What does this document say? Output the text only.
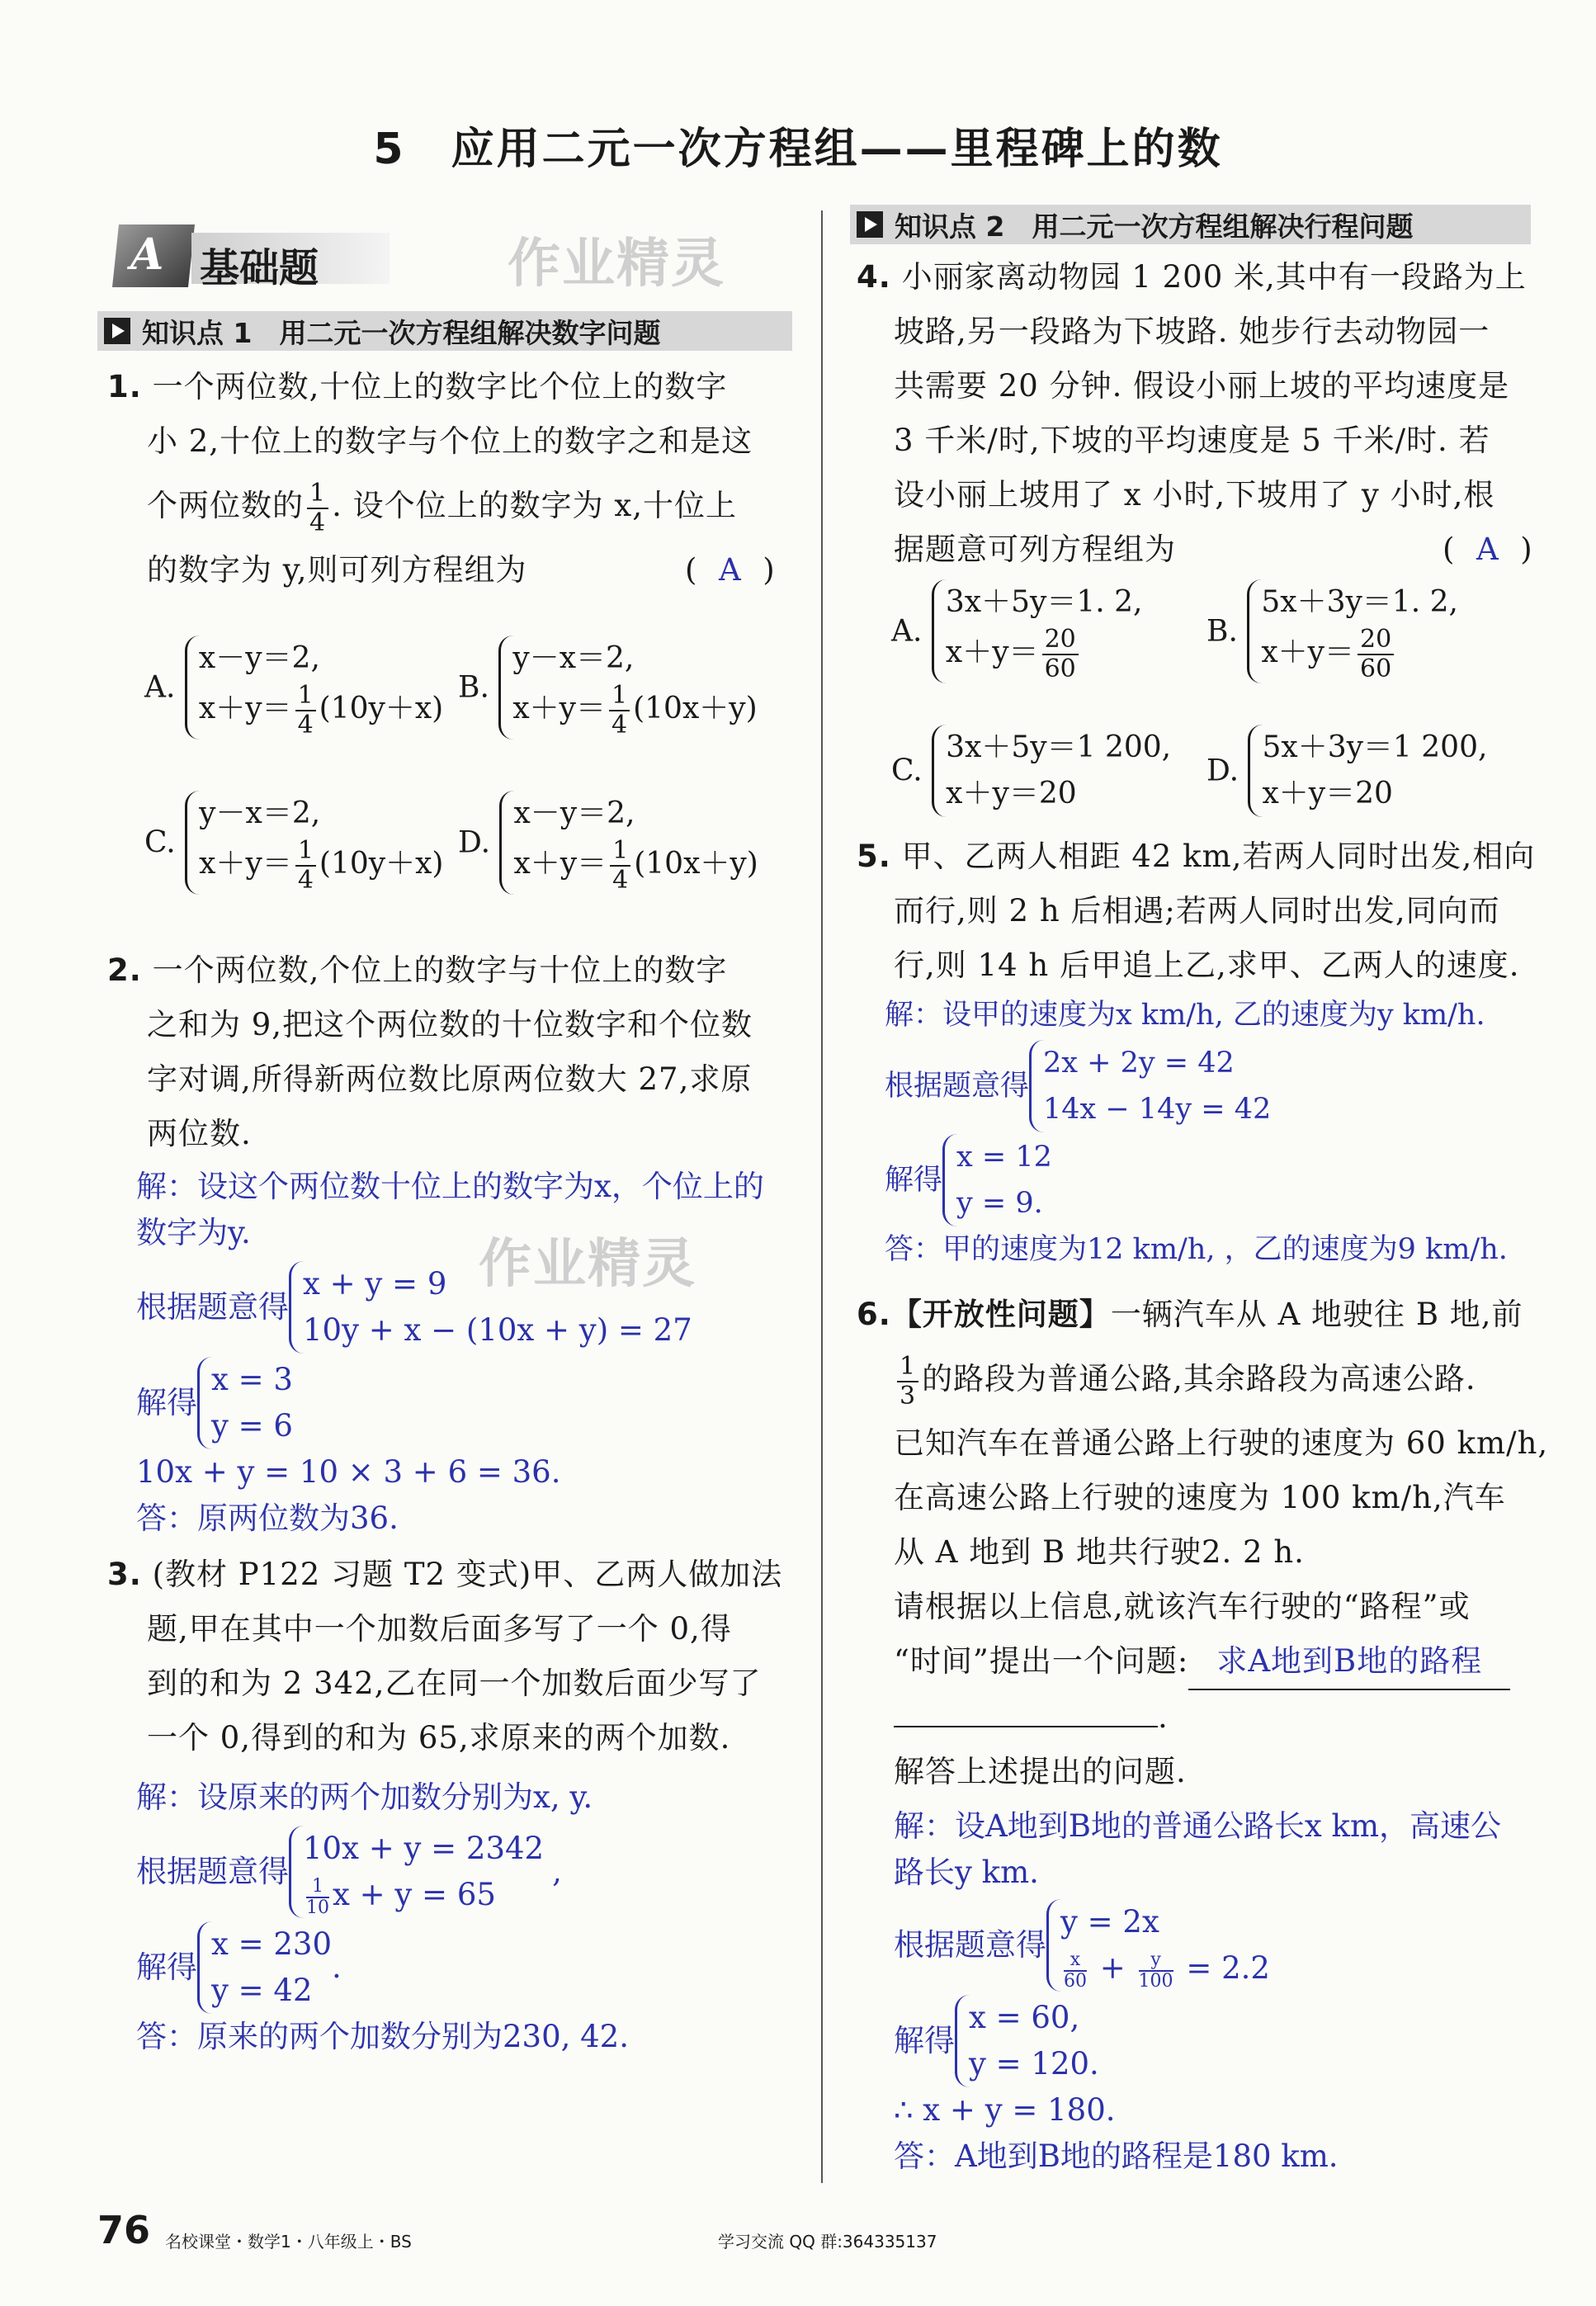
5　应用二元一次方程组——里程碑上的数
A 基础题	作业精灵
知识点 1　用二元一次方程组解决数字问题
1. 一个两位数,十位上的数字比个位上的数字
小 2,十位上的数字与个位上的数字之和是这
个两位数的 $\frac{1}{4}$ . 设个位上的数字为 x,十位上
的数字为 y,则可列方程组为	( A )
A.
x－y＝2,
$x+y= \frac{1}{4} (10y+x)$
B.
y－x＝2,
$x+y= \frac{1}{4} (10x+y)$
C.
y－x＝2,
$x+y= \frac{1}{4} (10y+x)$
D.
x－y＝2,
$x+y= \frac{1}{4} (10x+y)$
2. 一个两位数,个位上的数字与十位上的数字
之和为 9,把这个两位数的十位数字和个位数
字对调,所得新两位数比原两位数大 27,求原
两位数.
作业精灵
解：设这个两位数十位上的数字为x，个位上的
数字为y.
根据题意得
x + y = 9
10y + x − (10x + y) = 27
解得
x = 3
y = 6
10x + y = 10 × 3 + 6 = 36.
答：原两位数为36.
3. (教材 P122 习题 T2 变式)甲、乙两人做加法
题,甲在其中一个加数后面多写了一个 0,得
到的和为 2 342,乙在同一个加数后面少写了
一个 0,得到的和为 65,求原来的两个加数.
解：设原来的两个加数分别为x, y.
根据题意得
10x + y = 2342
$\frac{1}{10}$ x + y = 65
,
解得
x = 230
y = 42
.
答：原来的两个加数分别为230, 42.
知识点 2　用二元一次方程组解决行程问题
4. 小丽家离动物园 1 200 米,其中有一段路为上
坡路,另一段路为下坡路. 她步行去动物园一
共需要 20 分钟. 假设小丽上坡的平均速度是
3 千米/时,下坡的平均速度是 5 千米/时. 若
设小丽上坡用了 x 小时,下坡用了 y 小时,根
据题意可列方程组为	( A )
A.
3x＋5y＝1. 2,
$x+y= \frac{20}{60}$	B.
5x＋3y＝1. 2,
$x+y= \frac{20}{60}$
C.
3x＋5y＝1 200,
x＋y＝20
D.
5x＋3y＝1 200,
x＋y＝20
5. 甲、乙两人相距 42 km,若两人同时出发,相向
而行,则 2 h 后相遇;若两人同时出发,同向而
行,则 14 h 后甲追上乙,求甲、乙两人的速度.
解：设甲的速度为x km/h, 乙的速度为y km/h.
根据题意得
2x + 2y = 42
14x − 14y = 42
解得
x = 12
y = 9.
答：甲的速度为12 km/h, ，乙的速度为9 km/h.
6.【开放性问题】一辆汽车从 A 地驶往 B 地,前
$\frac{1}{3}$ 的路段为普通公路,其余路段为高速公路.
已知汽车在普通公路上行驶的速度为 60 km/h,
在高速公路上行驶的速度为 100 km/h,汽车
从 A 地到 B 地共行驶2. 2 h.
请根据以上信息,就该汽车行驶的“路程”或
“时间”提出一个问题: 求A地到B地的路程
.
解答上述提出的问题.
解：设A地到B地的普通公路长x km，高速公
路长y km.
根据题意得
y = 2x
$\frac{x}{60} + \frac{y}{100} = 2.2$
解得
x = 60,
y = 120.
∴ x + y = 180.
答：A地到B地的路程是180 km.
76 名校课堂・数学1・八年级上・BS	学习交流 QQ 群:364335137
